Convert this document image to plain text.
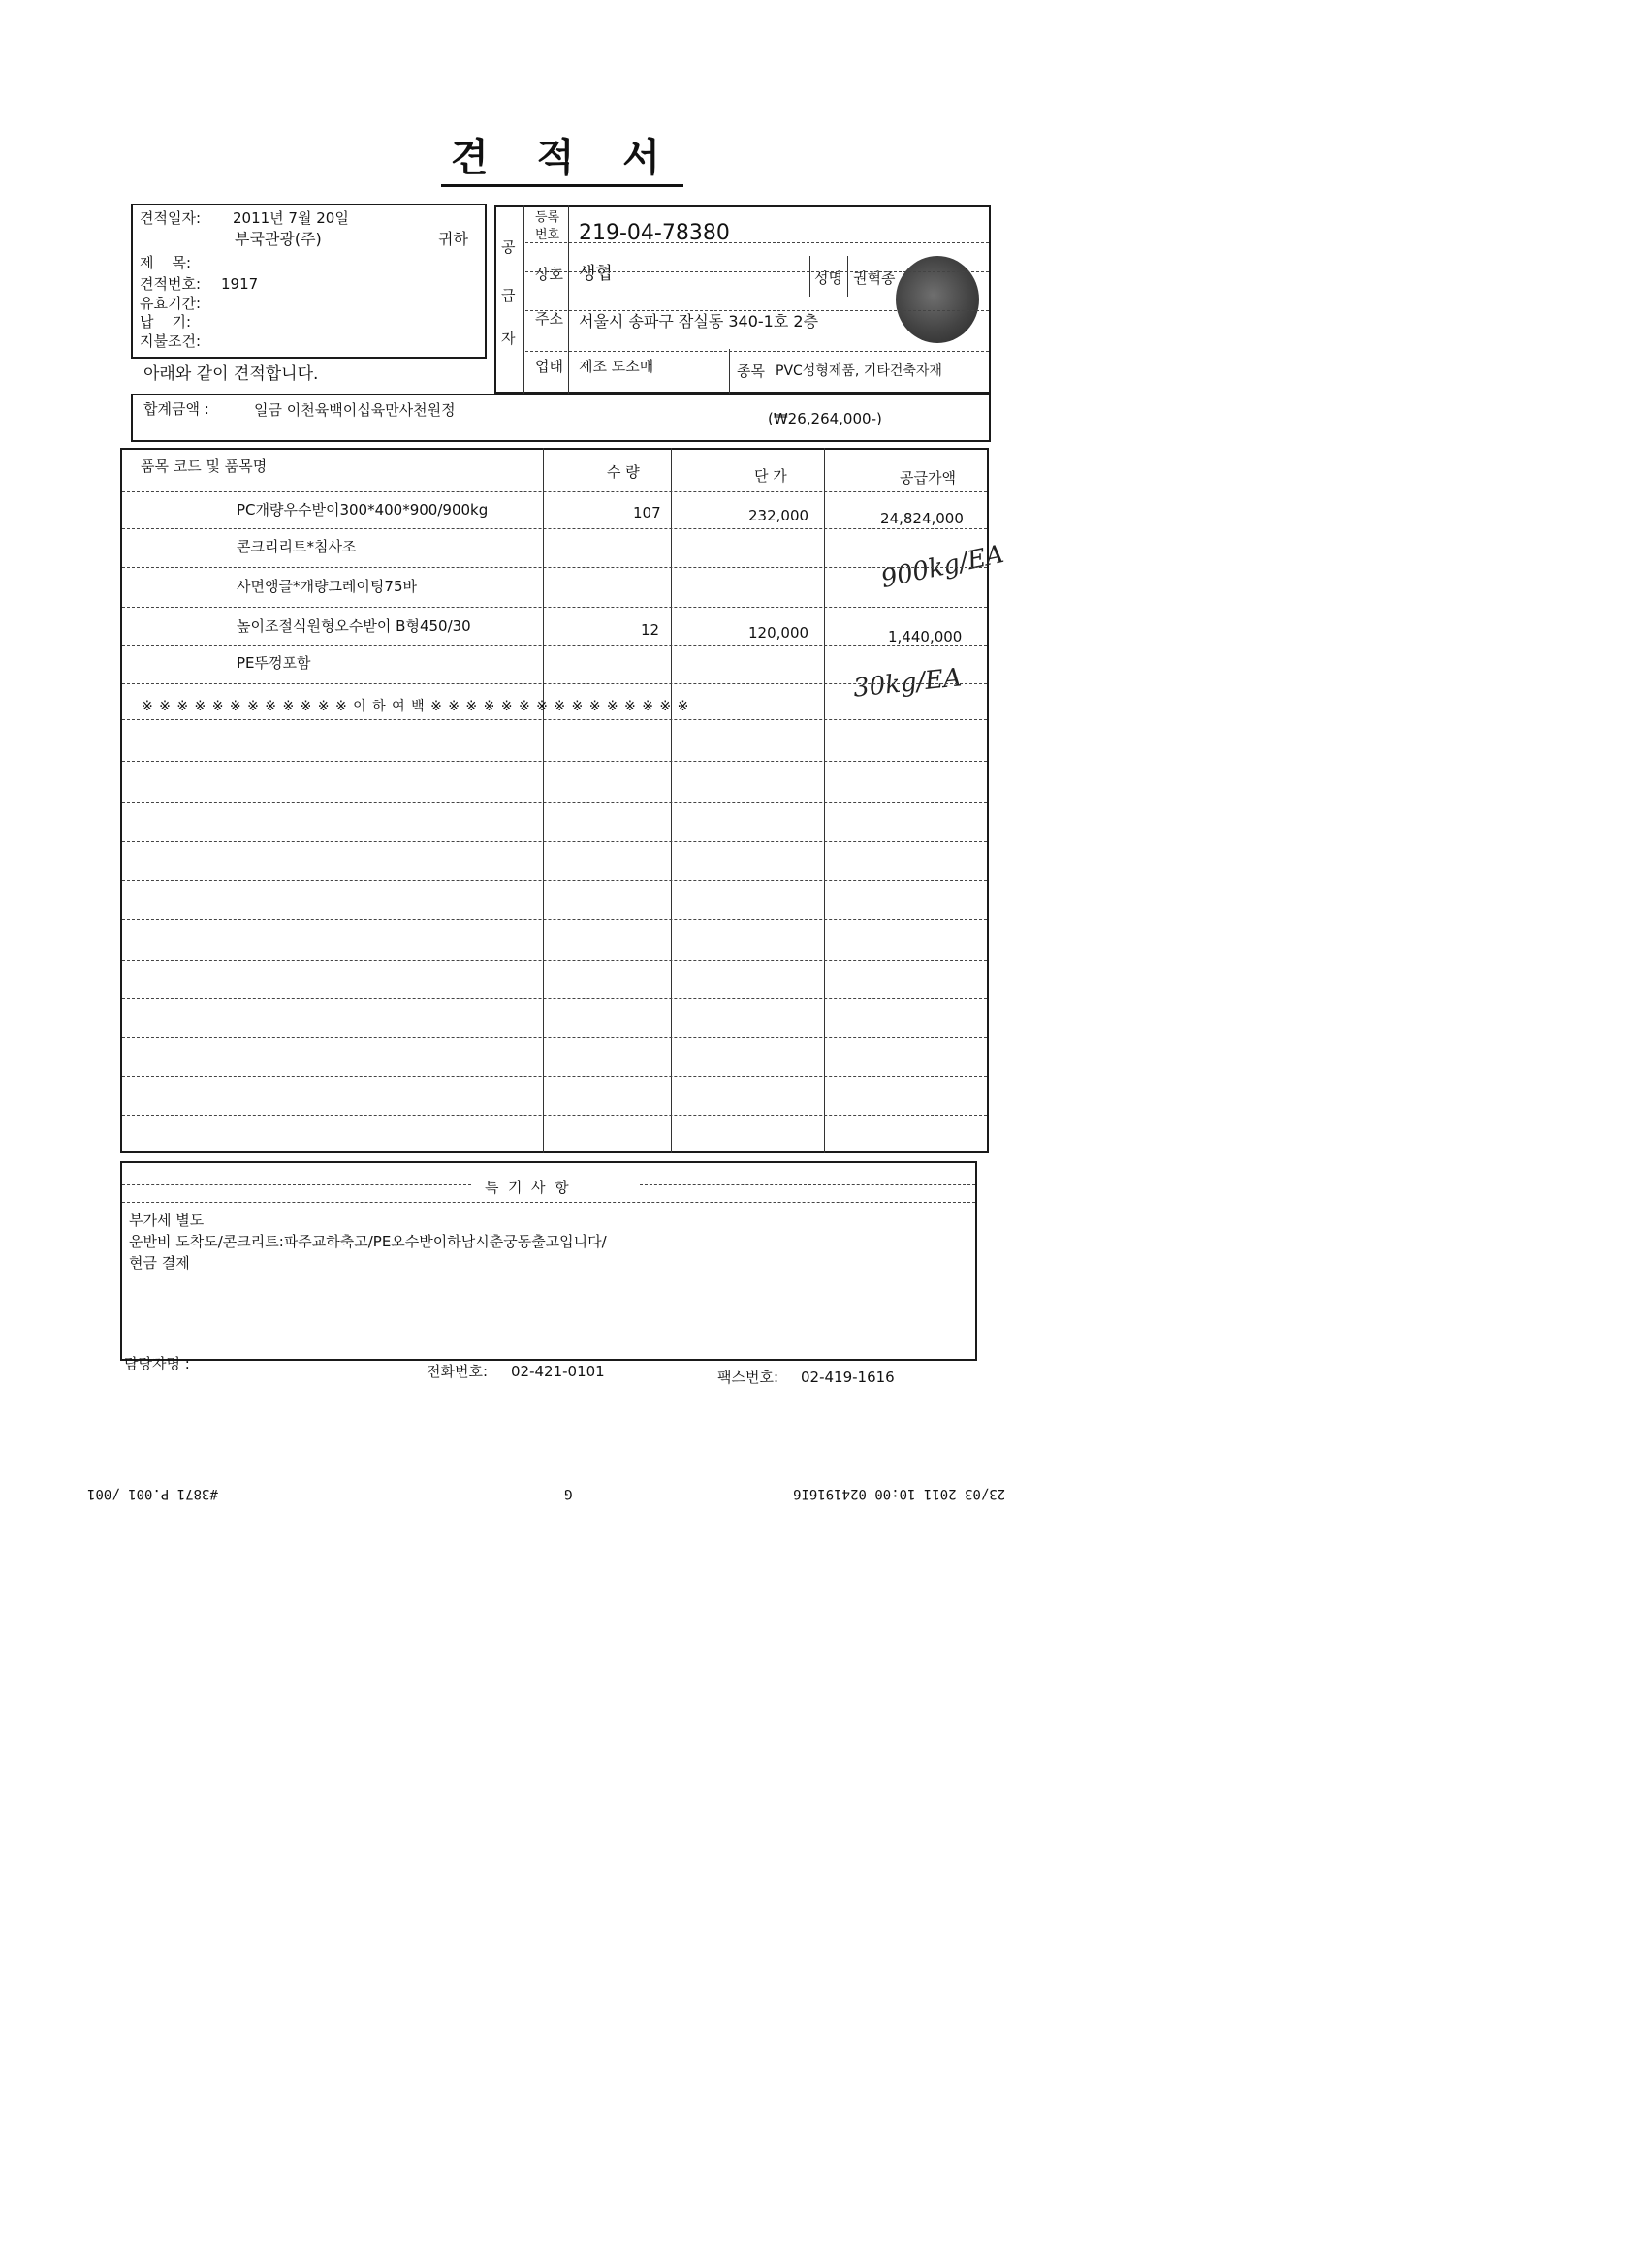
견 적 서
견적일자: 2011년 7월 20일
부국관광(주)	귀하
제    목:
견적번호: 1917
유효기간:
납    기:
지불조건:
아래와 같이 견적합니다.
공
급
자
등록
번호 219-04-78380
상호 생협	성명 권혁종
주소 서울시 송파구 잠실동 340-1호 2층
업태 제조 도소매	종목 PVC성형제품, 기타건축자재
합계금액 :	일금 이천육백이십육만사천원정	(₩26,264,000-)
품목 코드 및 품목명	수 량	단 가	공급가액
PC개량우수받이300*400*900/900kg	107	232,000	24,824,000
콘크리리트*침사조
사면앵글*개량그레이팅75바
높이조절식원형오수받이 B형450/30	12	120,000	1,440,000
PE뚜껑포함
900kg/EA
30kg/EA
※ ※ ※ ※ ※ ※ ※ ※ ※ ※ ※ ※ 이 하 여 백 ※ ※ ※ ※ ※ ※ ※ ※ ※ ※ ※ ※ ※ ※ ※
특  기  사  항
부가세 별도
운반비 도착도/콘크리트:파주교하축고/PE오수받이하남시춘궁동출고입니다/
현금 결제
담당자명 :	전화번호: 02-421-0101	팩스번호: 02-419-1616
23/03 2011 10:00 0241916I6
G
#3871 P.001 /001
